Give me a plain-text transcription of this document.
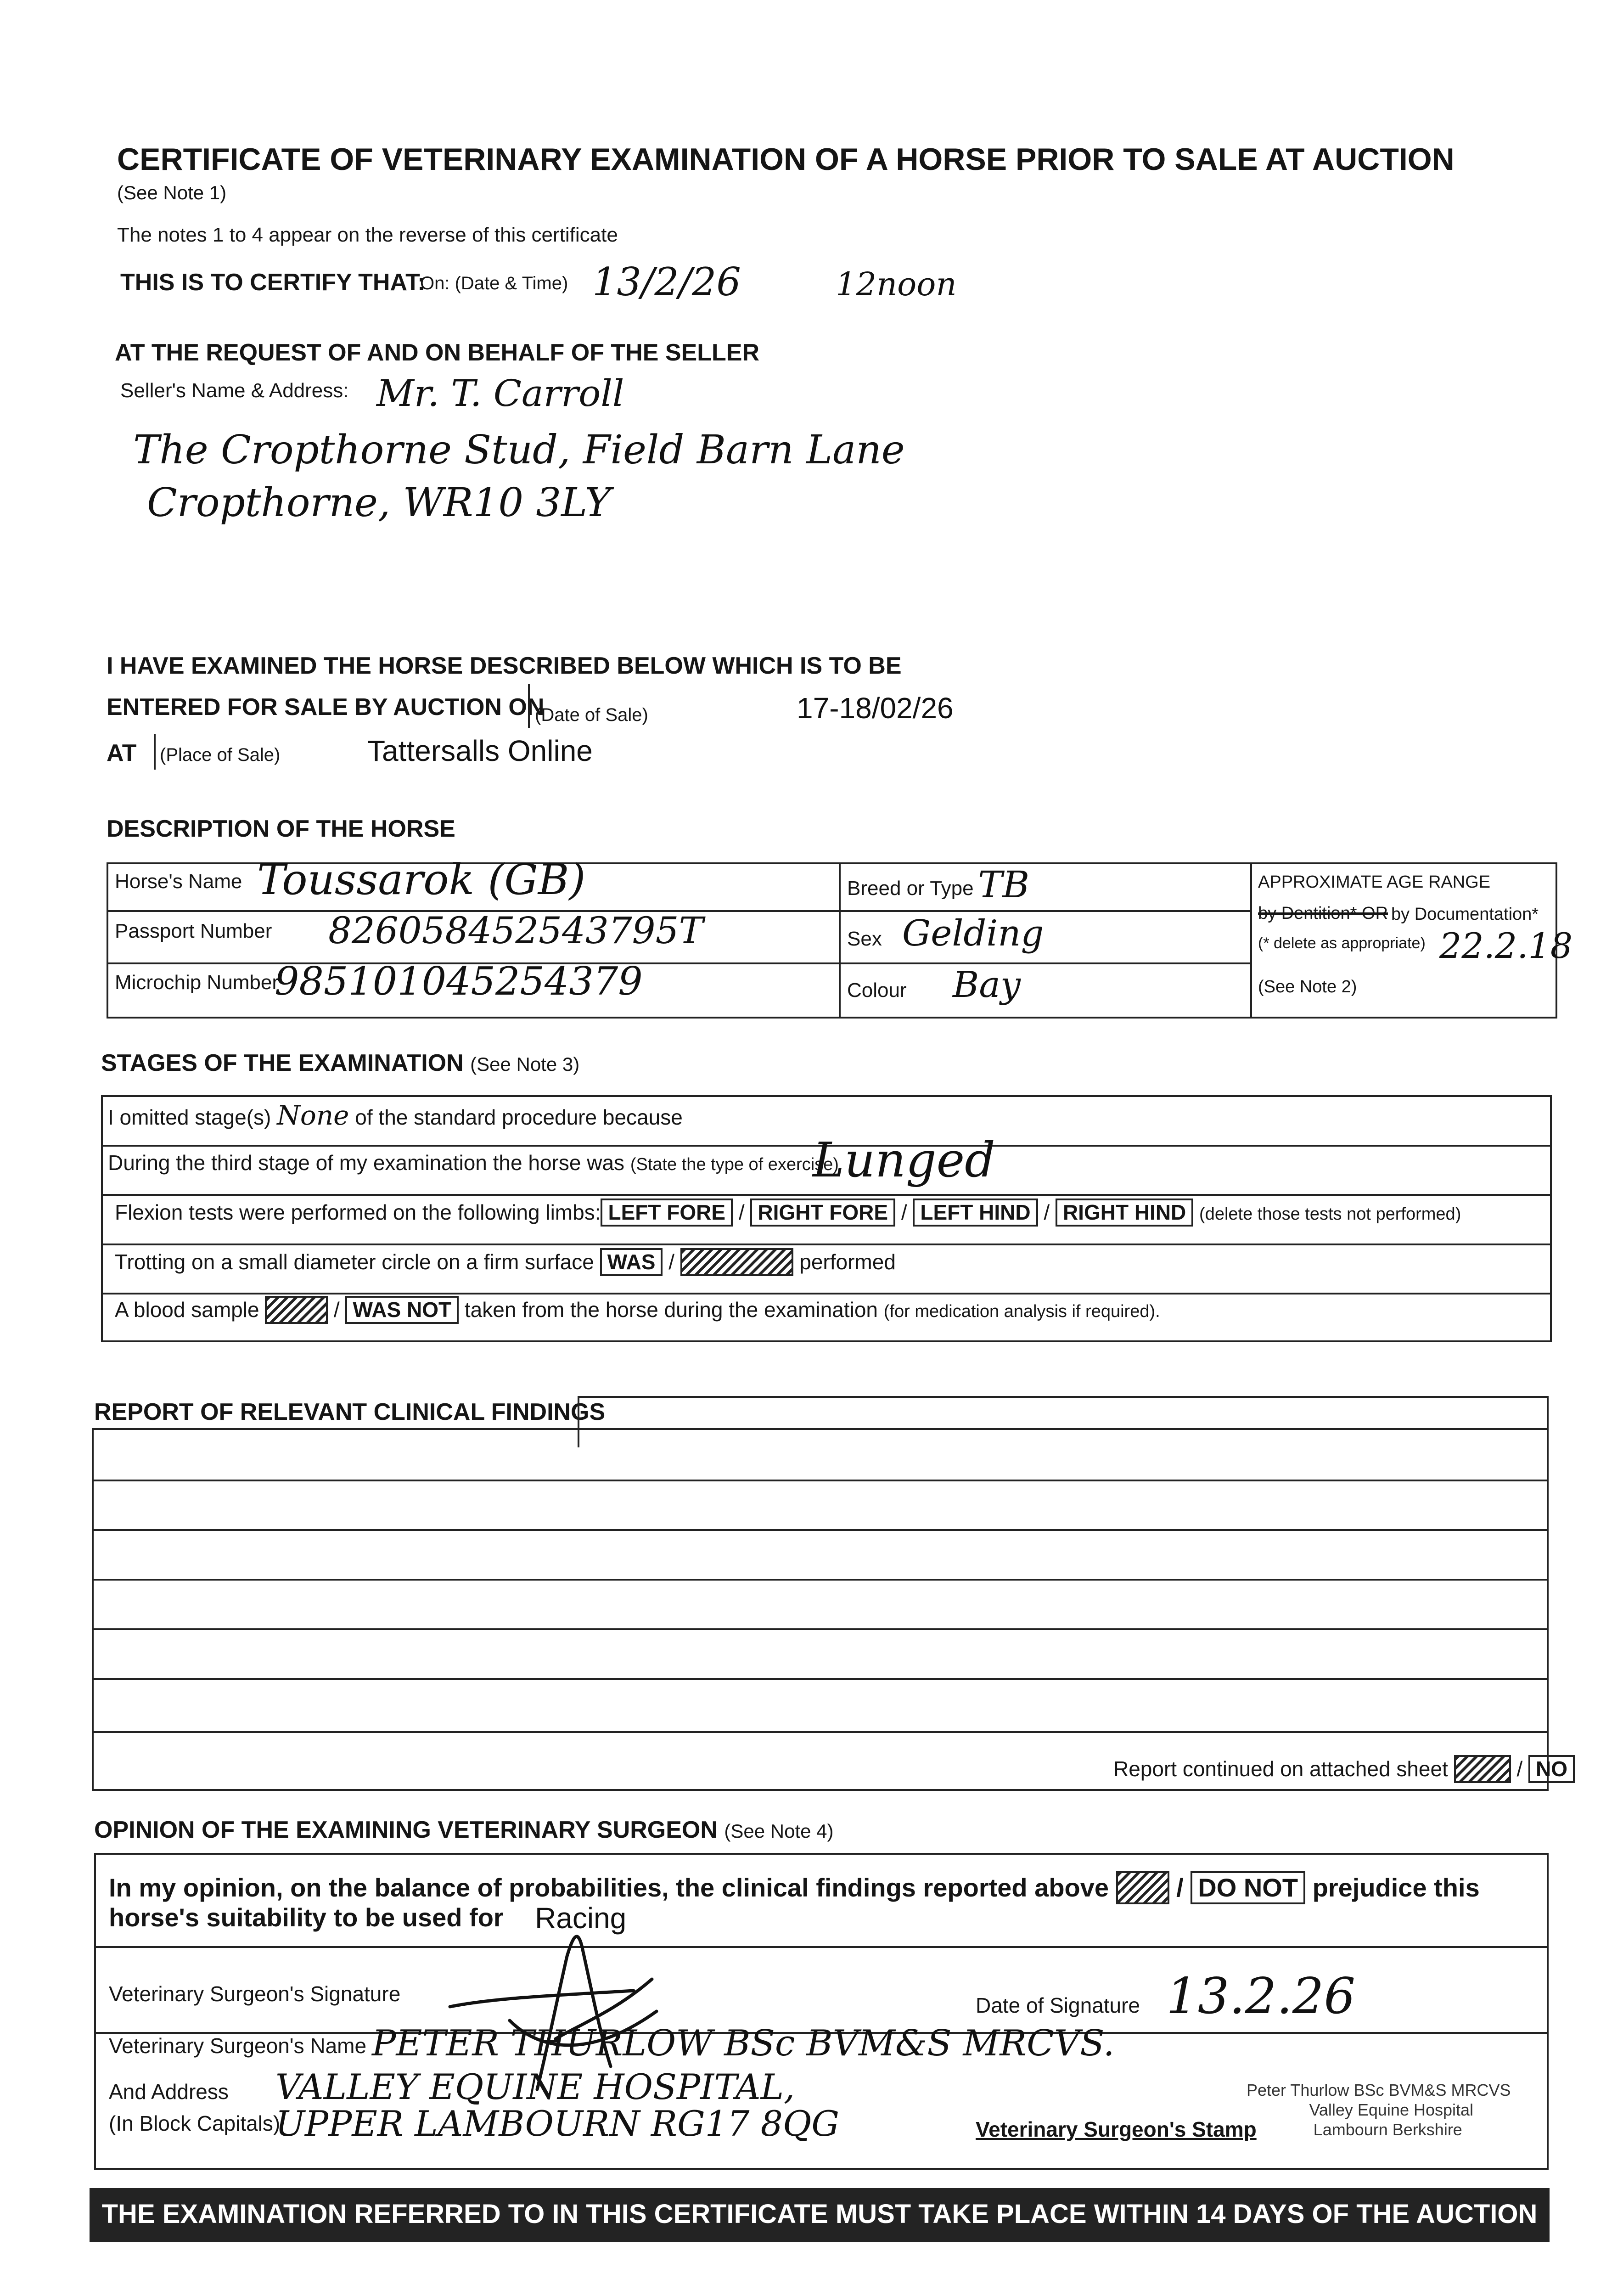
CERTIFICATE OF VETERINARY EXAMINATION OF A HORSE PRIOR TO SALE AT AUCTION
(See Note 1)
The notes 1 to 4 appear on the reverse of this certificate
THIS IS TO CERTIFY THAT:
On: (Date & Time) 13/2/26	12noon
AT THE REQUEST OF AND ON BEHALF OF THE SELLER
Seller's Name & Address: Mr. T. Carroll
The Cropthorne Stud, Field Barn Lane
Cropthorne, WR10 3LY
I HAVE EXAMINED THE HORSE DESCRIBED BELOW WHICH IS TO BE
ENTERED FOR SALE BY AUCTION ON
(Date of Sale)	17-18/02/26
AT (Place of Sale)	Tattersalls Online
DESCRIPTION OF THE HORSE
Horse's Name Toussarok (GB)
Passport Number 826058452543795T
Microchip Number
985101045254379
Breed or Type TB
Sex Gelding
Colour Bay
APPROXIMATE AGE RANGE
by Dentition* OR by Documentation*
(* delete as appropriate) 22.2.18
(See Note 2)
STAGES OF THE EXAMINATION (See Note 3)
I omitted stage(s) None of the standard procedure because
During the third stage of my examination the horse was (State the type of exercise)
Lunged
Flexion tests were performed on the following limbs: LEFT FORE / RIGHT FORE / LEFT HIND / RIGHT HIND (delete those tests not performed)
Trotting on a small diameter circle on a firm surface WAS /	performed
A blood sample	/ WAS NOT taken from the horse during the examination (for medication analysis if required).
REPORT OF RELEVANT CLINICAL FINDINGS
Report continued on attached sheet	/ NO
OPINION OF THE EXAMINING VETERINARY SURGEON (See Note 4)
In my opinion, on the balance of probabilities, the clinical findings reported above	/ DO NOT prejudice this
horse's suitability to be used for Racing
Veterinary Surgeon's Signature	Date of Signature 13.2.26
Veterinary Surgeon's Name PETER THURLOW BSc BVM&S MRCVS.
And Address
(In Block Capitals)
VALLEY EQUINE HOSPITAL,
UPPER LAMBOURN RG17 8QG	Veterinary Surgeon's Stamp
Peter Thurlow BSc BVM&S MRCVS
Valley Equine Hospital
Lambourn Berkshire
THE EXAMINATION REFERRED TO IN THIS CERTIFICATE MUST TAKE PLACE WITHIN 14 DAYS OF THE AUCTION
